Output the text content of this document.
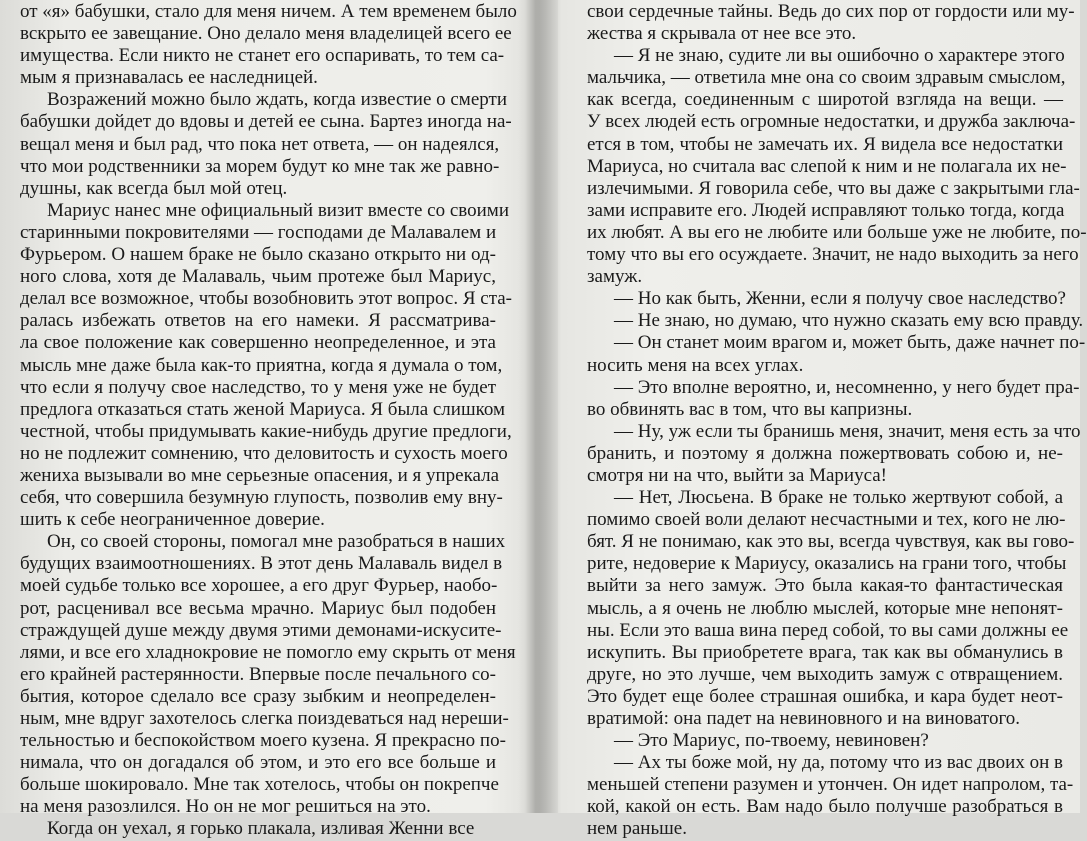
от «я» бабушки, стало для меня ничем. А тем временем было
вскрыто ее завещание. Оно делало меня владелицей всего ее
имущества. Если никто не станет его оспаривать, то тем са-
мым я признавалась ее наследницей.
Возражений можно было ждать, когда известие о смерти
бабушки дойдет до вдовы и детей ее сына. Бартез иногда на-
вещал меня и был рад, что пока нет ответа, — он надеялся,
что мои родственники за морем будут ко мне так же равно-
душны, как всегда был мой отец.
Мариус нанес мне официальный визит вместе со своими
старинными покровителями — господами де Малавалем и
Фурьером. О нашем браке не было сказано открыто ни од-
ного слова, хотя де Малаваль, чьим протеже был Мариус,
делал все возможное, чтобы возобновить этот вопрос. Я ста-
ралась избежать ответов на его намеки. Я рассматрива-
ла свое положение как совершенно неопределенное, и эта
мысль мне даже была как-то приятна, когда я думала о том,
что если я получу свое наследство, то у меня уже не будет
предлога отказаться стать женой Мариуса. Я была слишком
честной, чтобы придумывать какие-нибудь другие предлоги,
но не подлежит сомнению, что деловитость и сухость моего
жениха вызывали во мне серьезные опасения, и я упрекала
себя, что совершила безумную глупость, позволив ему вну-
шить к себе неограниченное доверие.
Он, со своей стороны, помогал мне разобраться в наших
будущих взаимоотношениях. В этот день Малаваль видел в
моей судьбе только все хорошее, а его друг Фурьер, наобо-
рот, расценивал все весьма мрачно. Мариус был подобен
страждущей душе между двумя этими демонами-искусите-
лями, и все его хладнокровие не помогло ему скрыть от меня
его крайней растерянности. Впервые после печального со-
бытия, которое сделало все сразу зыбким и неопределен-
ным, мне вдруг захотелось слегка поиздеваться над нереши-
тельностью и беспокойством моего кузена. Я прекрасно по-
нимала, что он догадался об этом, и это его все больше и
больше шокировало. Мне так хотелось, чтобы он покрепче
на меня разозлился. Но он не мог решиться на это.
Когда он уехал, я горько плакала, изливая Женни все
свои сердечные тайны. Ведь до сих пор от гордости или му-
жества я скрывала от нее все это.
— Я не знаю, судите ли вы ошибочно о характере этого
мальчика, — ответила мне она со своим здравым смыслом,
как всегда, соединенным с широтой взгляда на вещи. —
У всех людей есть огромные недостатки, и дружба заключа-
ется в том, чтобы не замечать их. Я видела все недостатки
Мариуса, но считала вас слепой к ним и не полагала их не-
излечимыми. Я говорила себе, что вы даже с закрытыми гла-
зами исправите его. Людей исправляют только тогда, когда
их любят. А вы его не любите или больше уже не любите, по-
тому что вы его осуждаете. Значит, не надо выходить за него
замуж.
— Но как быть, Женни, если я получу свое наследство?
— Не знаю, но думаю, что нужно сказать ему всю правду.
— Он станет моим врагом и, может быть, даже начнет по-
носить меня на всех углах.
— Это вполне вероятно, и, несомненно, у него будет пра-
во обвинять вас в том, что вы капризны.
— Ну, уж если ты бранишь меня, значит, меня есть за что
бранить, и поэтому я должна пожертвовать собою и, не-
смотря ни на что, выйти за Мариуса!
— Нет, Люсьена. В браке не только жертвуют собой, а
помимо своей воли делают несчастными и тех, кого не лю-
бят. Я не понимаю, как это вы, всегда чувствуя, как вы гово-
рите, недоверие к Мариусу, оказались на грани того, чтобы
выйти за него замуж. Это была какая-то фантастическая
мысль, а я очень не люблю мыслей, которые мне непонят-
ны. Если это ваша вина перед собой, то вы сами должны ее
искупить. Вы приобретете врага, так как вы обманулись в
друге, но это лучше, чем выходить замуж с отвращением.
Это будет еще более страшная ошибка, и кара будет неот-
вратимой: она падет на невиновного и на виноватого.
— Это Мариус, по-твоему, невиновен?
— Ах ты боже мой, ну да, потому что из вас двоих он в
меньшей степени разумен и утончен. Он идет напролом, та-
кой, какой он есть. Вам надо было получше разобраться в
нем раньше.
